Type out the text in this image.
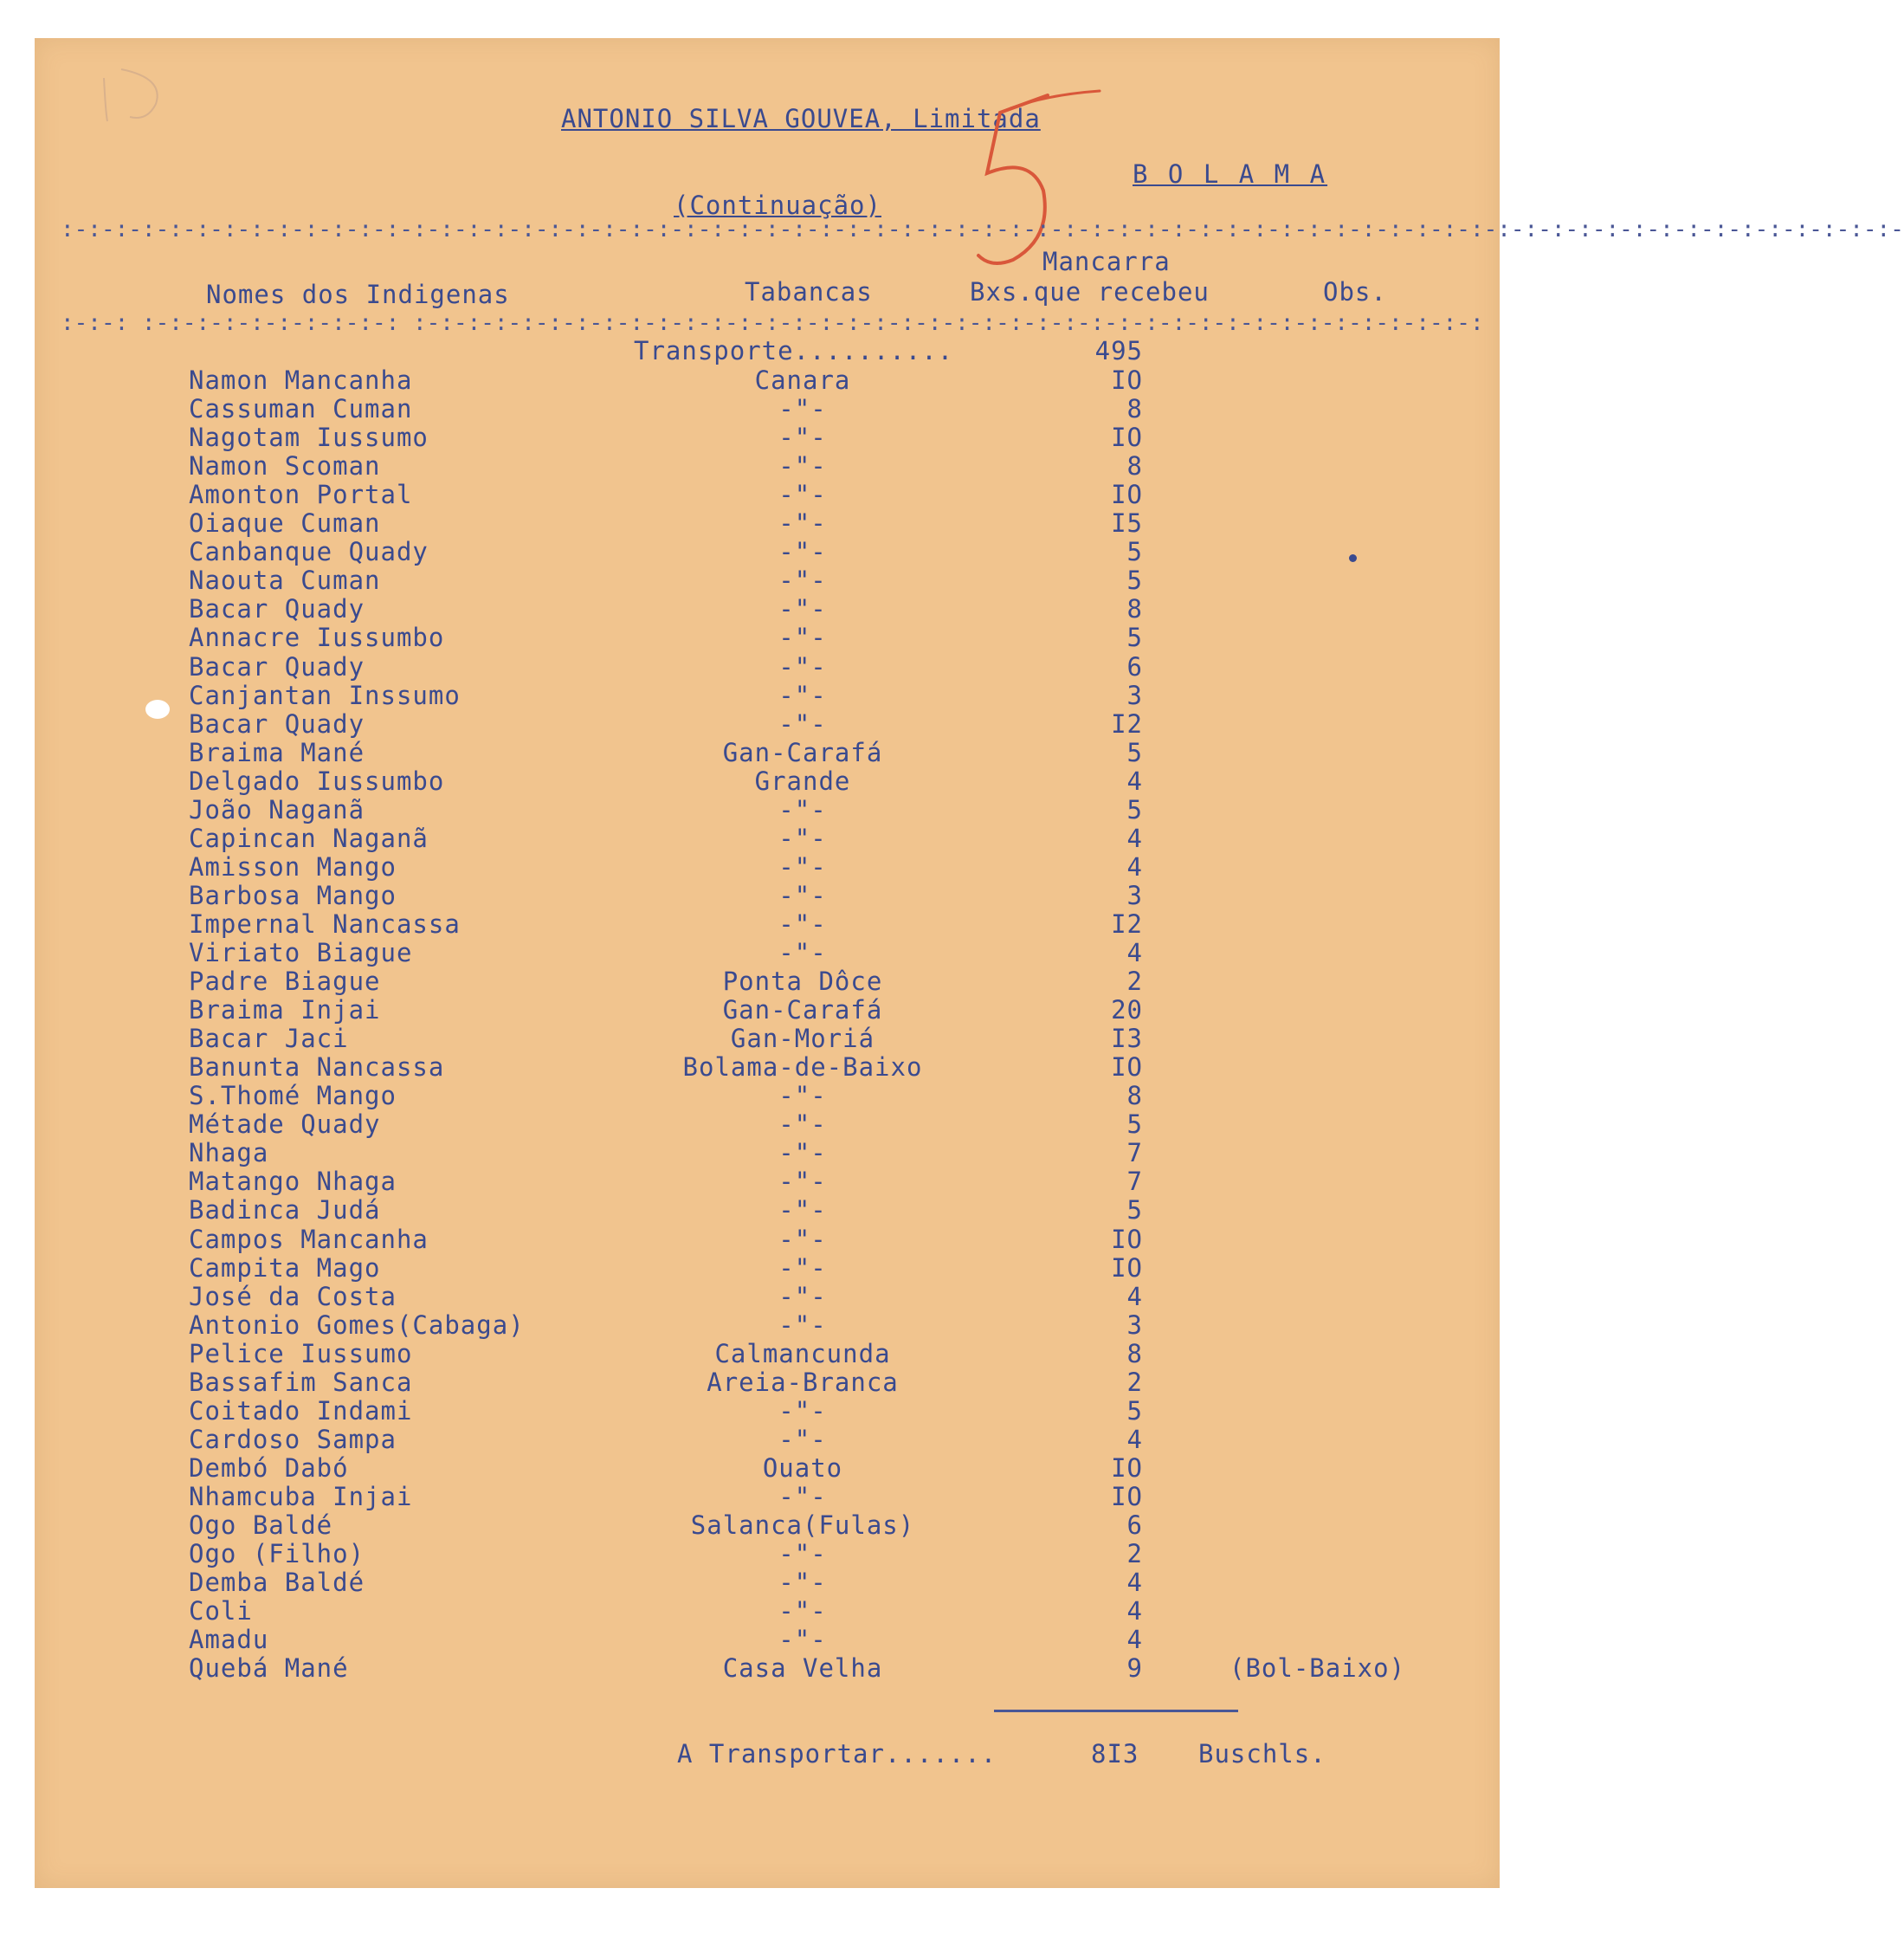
ANTONIO SILVA GOUVEA, Limitada
B O L A M A
(Continuação)
:-:-:-:-:-:-:-:-:-:-:-:-:-:-:-:-:-:-:-:-:-:-:-:-:-:-:-:-:-:-:-:-:-:-:-:-:-:-:-:-:-:-:-:-:-:-:-:-:-:-:-:-:-:-:-:-:-:-:-:-:-:-:-:-:-:-:-:-
Mancarra
Nomes dos Indigenas	Tabancas	Bxs.que recebeu	Obs.
:-:-: :-:-:-:-:-:-:-:-:-: :-:-:-:-:-:-:-:-:-:-:-:-:-:-:-:-:-:-:-:-:-:-:-:-:-:-:-:-:-:-:-:-:-:-:-:-:-:-:-:
Transporte..........	495
Namon Mancanha	Canara	IO
Cassuman Cuman	-"-	8
Nagotam Iussumo	-"-	IO
Namon Scoman	-"-	8
Amonton Portal	-"-	IO
Oiaque Cuman	-"-	I5
Canbanque Quady	-"-	5
Naouta Cuman	-"-	5
Bacar Quady	-"-	8
Annacre Iussumbo	-"-	5
Bacar Quady	-"-	6
Canjantan Inssumo	-"-	3
Bacar Quady	-"-	I2
Braima Mané	Gan-Carafá	5
Delgado Iussumbo	Grande	4
João Naganã	-"-	5
Capincan Naganã	-"-	4
Amisson Mango	-"-	4
Barbosa Mango	-"-	3
Impernal Nancassa	-"-	I2
Viriato Biague	-"-	4
Padre Biague	Ponta Dôce	2
Braima Injai	Gan-Carafá	20
Bacar Jaci	Gan-Moriá	I3
Banunta Nancassa	Bolama-de-Baixo	IO
S.Thomé Mango	-"-	8
Métade Quady	-"-	5
Nhaga	-"-	7
Matango Nhaga	-"-	7
Badinca Judá	-"-	5
Campos Mancanha	-"-	IO
Campita Mago	-"-	IO
José da Costa	-"-	4
Antonio Gomes(Cabaga)	-"-	3
Pelice Iussumo	Calmancunda	8
Bassafim Sanca	Areia-Branca	2
Coitado Indami	-"-	5
Cardoso Sampa	-"-	4
Dembó Dabó	Ouato	IO
Nhamcuba Injai	-"-	IO
Ogo Baldé	Salanca(Fulas)	6
Ogo (Filho)	-"-	2
Demba Baldé	-"-	4
Coli	-"-	4
Amadu	-"-	4
Quebá Mané	Casa Velha	9	(Bol-Baixo)
A Transportar.......	8I3 Buschls.
